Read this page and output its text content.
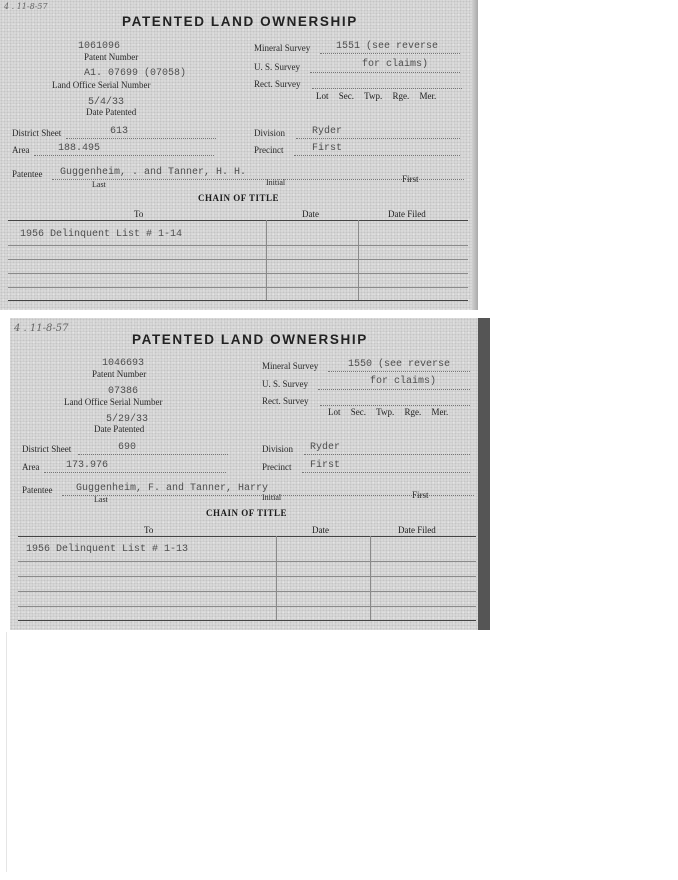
4 . 11-8-57
PATENTED LAND OWNERSHIP
1061096
Patent Number
A1. 07699 (07058)
Land Office Serial Number
5/4/33
Date Patented
Mineral Survey	1551 (see reverse
U. S. Survey	for claims)
Rect. Survey
Lot Sec. Twp. Rge. Mer.
District Sheet	613
Area	188.495
Division	Ryder
Precinct	First
Patentee Guggenheim, . and Tanner, H. H.
Last	Initial	First
CHAIN OF TITLE
To	Date	Date Filed
1956 Delinquent List # 1-14
4 . 11-8-57
PATENTED LAND OWNERSHIP
1046693
Patent Number
07386
Land Office Serial Number
5/29/33
Date Patented
Mineral Survey	1550 (see reverse
U. S. Survey	for claims)
Rect. Survey
Lot Sec. Twp. Rge. Mer.
District Sheet	690
Area	173.976
Division Ryder
Precinct First
Patentee Guggenheim, F. and Tanner, Harry
Last	Initial	First
CHAIN OF TITLE
To	Date	Date Filed
1956 Delinquent List # 1-13
